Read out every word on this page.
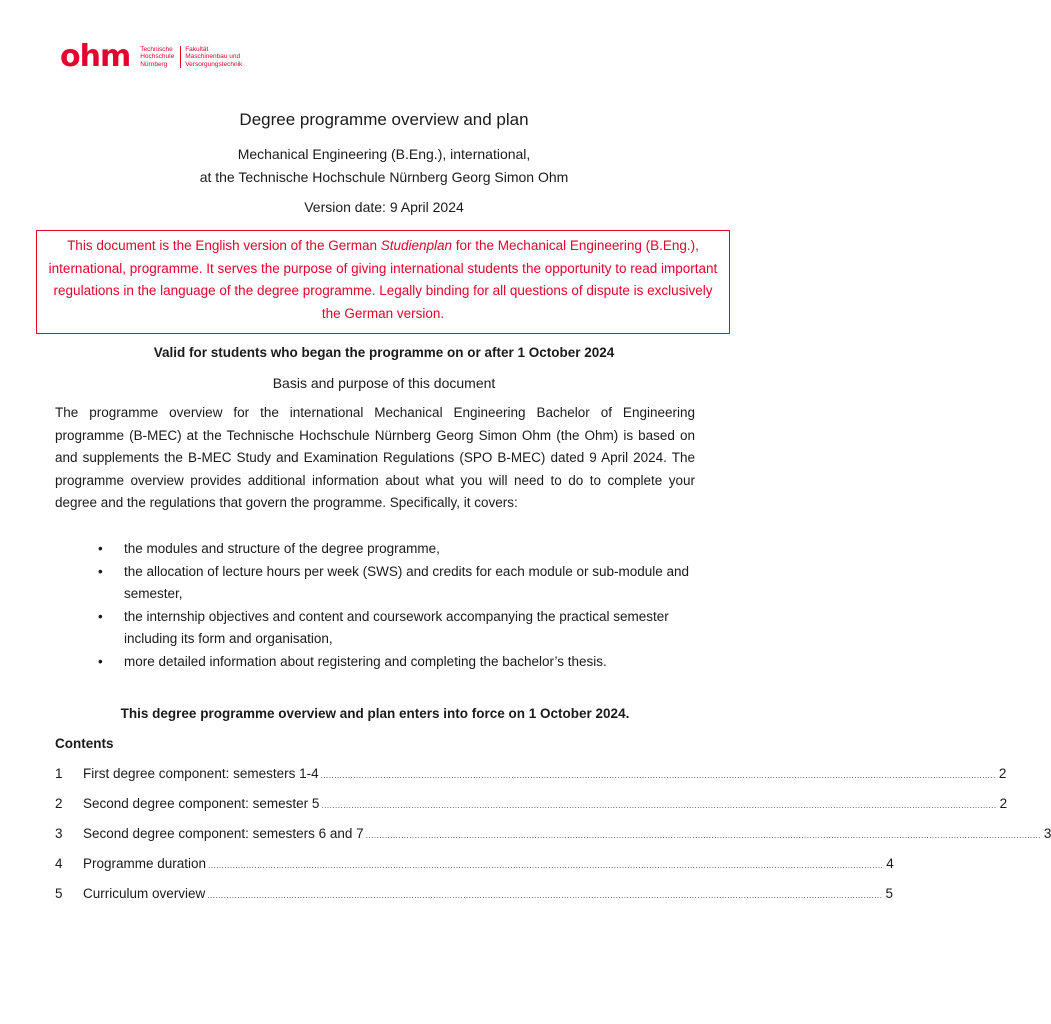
ohm Technische
Hochschule
Nürnberg
Fakultät
Maschinenbau und
Versorgungstechnik
Degree programme overview and plan
Mechanical Engineering (B.Eng.), international,
at the Technische Hochschule Nürnberg Georg Simon Ohm
Version date: 9 April 2024
This document is the English version of the German Studienplan for the Mechanical Engineering (B.Eng.), international, programme. It serves the purpose of giving international students the opportunity to read important regulations in the language of the degree programme. Legally binding for all questions of dispute is exclusively the German version.
Valid for students who began the programme on or after 1 October 2024
Basis and purpose of this document
The programme overview for the international Mechanical Engineering Bachelor of Engineering programme (B-MEC) at the Technische Hochschule Nürnberg Georg Simon Ohm (the Ohm) is based on and supplements the B-MEC Study and Examination Regulations (SPO B-MEC) dated 9 April 2024. The programme overview provides additional information about what you will need to do to complete your degree and the regulations that govern the programme. Specifically, it covers:
• the modules and structure of the degree programme,
• the allocation of lecture hours per week (SWS) and credits for each module or sub-module and semester,
• the internship objectives and content and coursework accompanying the practical semester including its form and organisation,
• more detailed information about registering and completing the bachelor’s thesis.
This degree programme overview and plan enters into force on 1 October 2024.
Contents
1	First degree component: semesters 1-4 ........................................................................................................................................................................................................................................................ 2
2	Second degree component: semester 5 ........................................................................................................................................................................................................................................................ 2
3	Second degree component: semesters 6 and 7 ........................................................................................................................................................................................................................................................ 3
4	Programme duration ........................................................................................................................................................................................................................................................ 4
5	Curriculum overview ........................................................................................................................................................................................................................................................ 5
